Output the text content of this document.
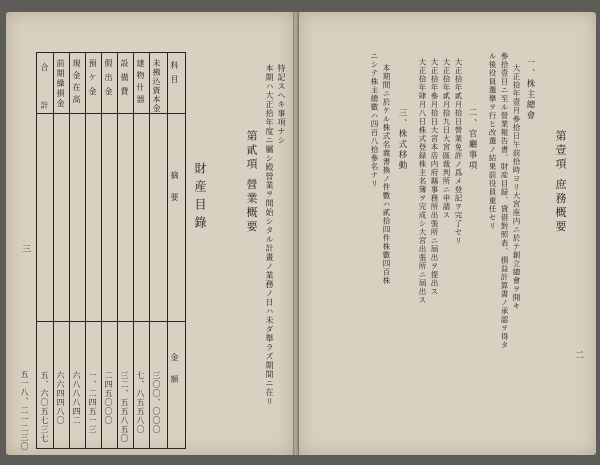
第貳項 營業概要 本期ハ大正拾年度ニ屬シ殿營業ヲ開始シタル計畫ノ業務ノ日ハ未ダ舉ラズ期間ニ在リ 特記スヘキ事項ナシ
財産目錄
科目
摘要
金額
未拂込資本金
三〇〇、〇〇〇
建物什器
七、八五五八〇
設備費
三二、五五八五〇
假出金
二四五〇〇〇
預ケ金
一、二四五一三
現金在高
六八八八四二
前期繰損金
六六四四八〇
合計
五、六〇五七三七
五一八、二一二三〇
三
第壹項 庶務概要
一、株主總會
大正拾年壹月參拾日午前拾時ヨリ大宮座内ニ於テ創立總會ヲ開キ
參拾壹日ニ至ル營業報告書、財産目録、貸借對照表、損益計算書ノ承認ヲ得タ
ル後役員選擧ヲ行ヒ改選ノ結果前役員重任セリ
二、官廳事項
大正拾年貳月拾日營業免許ノ爲メ登記ヲ完了セリ
大正拾年貳月拾九日大宮區裁判所ニ申請ス
大正拾年參月拾日大宮本店内府縣事務所出張所ニ屆出ヲ提出ス
大正拾年肆月八日株式登録株主名簿ヲ完成シ大宮出張所ニ屆出ス
三、株式移動
本期間ニ於ケル株式名義書換ノ件數ハ貳拾四件株數四百株
ニシテ株主總數ハ四百八拾參名ナリ
二
